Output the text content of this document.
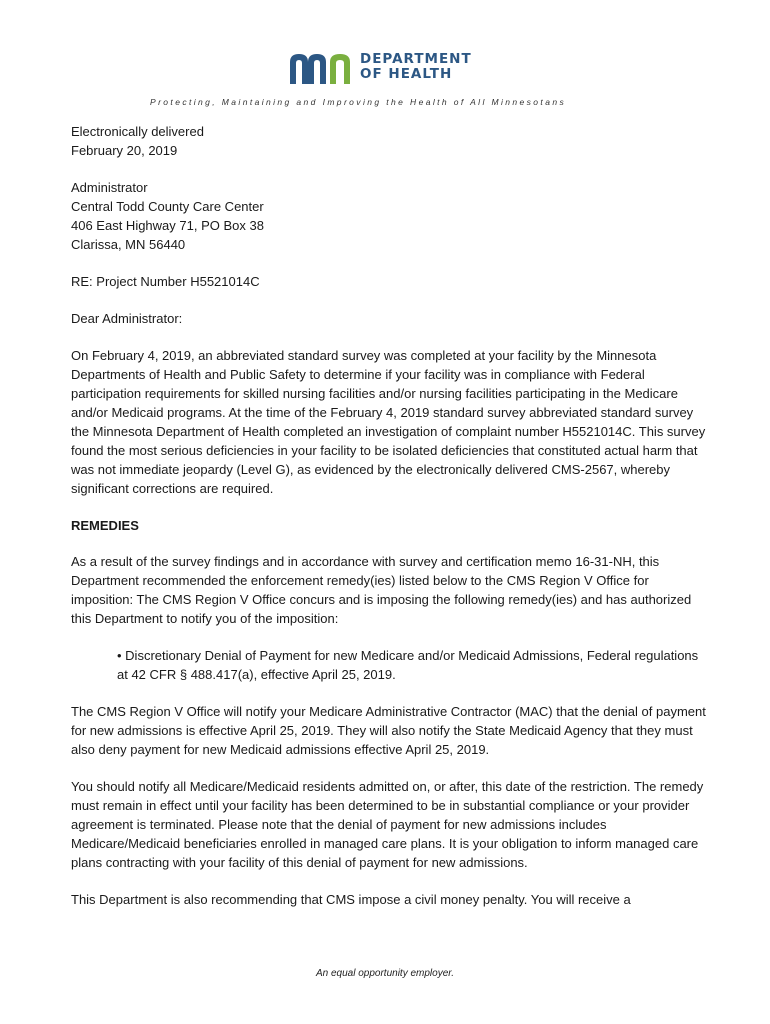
DEPARTMENT
OF HEALTH
Protecting, Maintaining and Improving the Health of All Minnesotans

Electronically delivered
February 20, 2019

Administrator
Central Todd County Care Center
406 East Highway 71, PO Box 38
Clarissa, MN 56440

RE: Project Number H5521014C

Dear Administrator:

On February 4, 2019, an abbreviated standard survey was completed at your facility by the Minnesota Departments of Health and Public Safety to determine if your facility was in compliance with Federal participation requirements for skilled nursing facilities and/or nursing facilities participating in the Medicare and/or Medicaid programs. At the time of the February 4, 2019 standard survey abbreviated standard survey the Minnesota Department of Health completed an investigation of complaint number H5521014C. This survey found the most serious deficiencies in your facility to be isolated deficiencies that constituted actual harm that was not immediate jeopardy (Level G), as evidenced by the electronically delivered CMS-2567, whereby significant corrections are required.

REMEDIES

As a result of the survey findings and in accordance with survey and certification memo 16-31-NH, this Department recommended the enforcement remedy(ies) listed below to the CMS Region V Office for imposition: The CMS Region V Office concurs and is imposing the following remedy(ies) and has authorized this Department to notify you of the imposition:

• Discretionary Denial of Payment for new Medicare and/or Medicaid Admissions, Federal regulations at 42 CFR § 488.417(a), effective April 25, 2019.

The CMS Region V Office will notify your Medicare Administrative Contractor (MAC) that the denial of payment for new admissions is effective April 25, 2019. They will also notify the State Medicaid Agency that they must also deny payment for new Medicaid admissions effective April 25, 2019.

You should notify all Medicare/Medicaid residents admitted on, or after, this date of the restriction. The remedy must remain in effect until your facility has been determined to be in substantial compliance or your provider agreement is terminated. Please note that the denial of payment for new admissions includes Medicare/Medicaid beneficiaries enrolled in managed care plans. It is your obligation to inform managed care plans contracting with your facility of this denial of payment for new admissions.

This Department is also recommending that CMS impose a civil money penalty. You will receive a

An equal opportunity employer.
